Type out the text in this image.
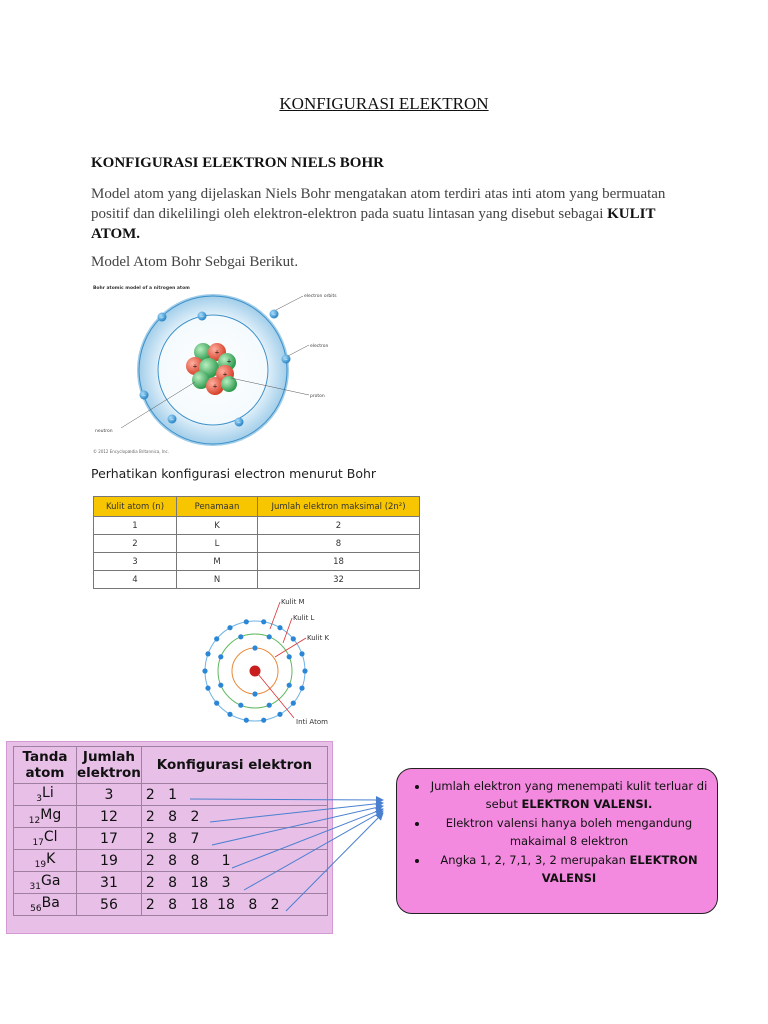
KONFIGURASI ELEKTRON
KONFIGURASI ELEKTRON NIELS BOHR
Model atom yang dijelaskan Niels Bohr mengatakan atom terdiri atas inti atom yang bermuatan positif dan dikelilingi oleh elektron-elektron pada suatu lintasan yang disebut sebagai KULIT ATOM.
Model Atom Bohr Sebgai Berikut.
Bohr atomic model of a nitrogen atom
+
+
+
+
+
–
–	–
–
–
–
–
electron orbits
electron
proton
neutron
© 2012 Encyclopædia Britannica, Inc.
Perhatikan konfigurasi electron menurut Bohr
Kulit atom (n)	Penamaan	Jumlah elektron maksimal (2n²)
1	K	2
2	L	8
3	M	18
4	N	32
Kulit M
Kulit L
Kulit K
Inti Atom
Tanda atom	Jumlah elektron	Konfigurasi elektron
$_3$Li	3	2   1
$_{12}$Mg	12	2   8   2
$_{17}$Cl	17	2   8   7
$_{19}$K	19	2   8   8     1
$_{31}$Ga	31	2   8   18   3
$_{56}$Ba	56	2   8   18  18   8   2
• Jumlah elektron yang menempati kulit terluar di sebut ELEKTRON VALENSI.
• Elektron valensi hanya boleh mengandung makaimal 8 elektron
• Angka 1, 2, 7,1, 3, 2 merupakan ELEKTRON VALENSI
